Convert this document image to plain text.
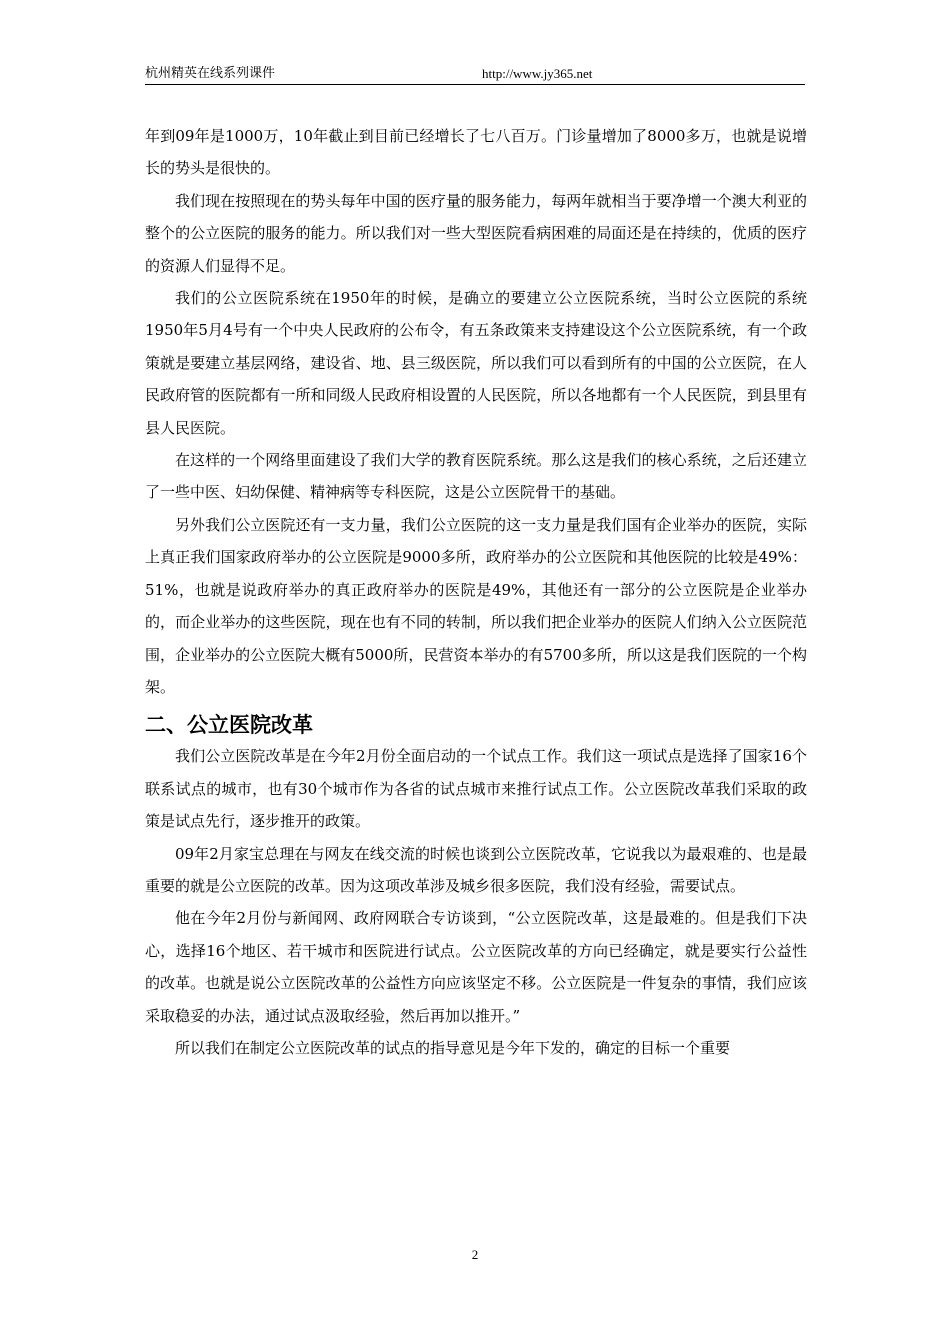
杭州精英在线系列课件	http://www.jy365.net

年到09年是1000万，10年截止到目前已经增长了七八百万。门诊量增加了8000多万，也就是说增长的势头是很快的。

我们现在按照现在的势头每年中国的医疗量的服务能力，每两年就相当于要净增一个澳大利亚的整个的公立医院的服务的能力。所以我们对一些大型医院看病困难的局面还是在持续的，优质的医疗的资源人们显得不足。

我们的公立医院系统在1950年的时候，是确立的要建立公立医院系统，当时公立医院的系统1950年5月4号有一个中央人民政府的公布令，有五条政策来支持建设这个公立医院系统，有一个政策就是要建立基层网络，建设省、地、县三级医院，所以我们可以看到所有的中国的公立医院，在人民政府管的医院都有一所和同级人民政府相设置的人民医院，所以各地都有一个人民医院，到县里有县人民医院。

在这样的一个网络里面建设了我们大学的教育医院系统。那么这是我们的核心系统，之后还建立了一些中医、妇幼保健、精神病等专科医院，这是公立医院骨干的基础。

另外我们公立医院还有一支力量，我们公立医院的这一支力量是我们国有企业举办的医院，实际上真正我们国家政府举办的公立医院是9000多所，政府举办的公立医院和其他医院的比较是49%：51%，也就是说政府举办的真正政府举办的医院是49%，其他还有一部分的公立医院是企业举办的，而企业举办的这些医院，现在也有不同的转制，所以我们把企业举办的医院人们纳入公立医院范围，企业举办的公立医院大概有5000所，民营资本举办的有5700多所，所以这是我们医院的一个构架。

二、公立医院改革

我们公立医院改革是在今年2月份全面启动的一个试点工作。我们这一项试点是选择了国家16个联系试点的城市，也有30个城市作为各省的试点城市来推行试点工作。公立医院改革我们采取的政策是试点先行，逐步推开的政策。

09年2月家宝总理在与网友在线交流的时候也谈到公立医院改革，它说我以为最艰难的、也是最重要的就是公立医院的改革。因为这项改革涉及城乡很多医院，我们没有经验，需要试点。

他在今年2月份与新闻网、政府网联合专访谈到，“公立医院改革，这是最难的。但是我们下决心，选择16个地区、若干城市和医院进行试点。公立医院改革的方向已经确定，就是要实行公益性的改革。也就是说公立医院改革的公益性方向应该坚定不移。公立医院是一件复杂的事情，我们应该采取稳妥的办法，通过试点汲取经验，然后再加以推开。”

所以我们在制定公立医院改革的试点的指导意见是今年下发的，确定的目标一个重要

2
